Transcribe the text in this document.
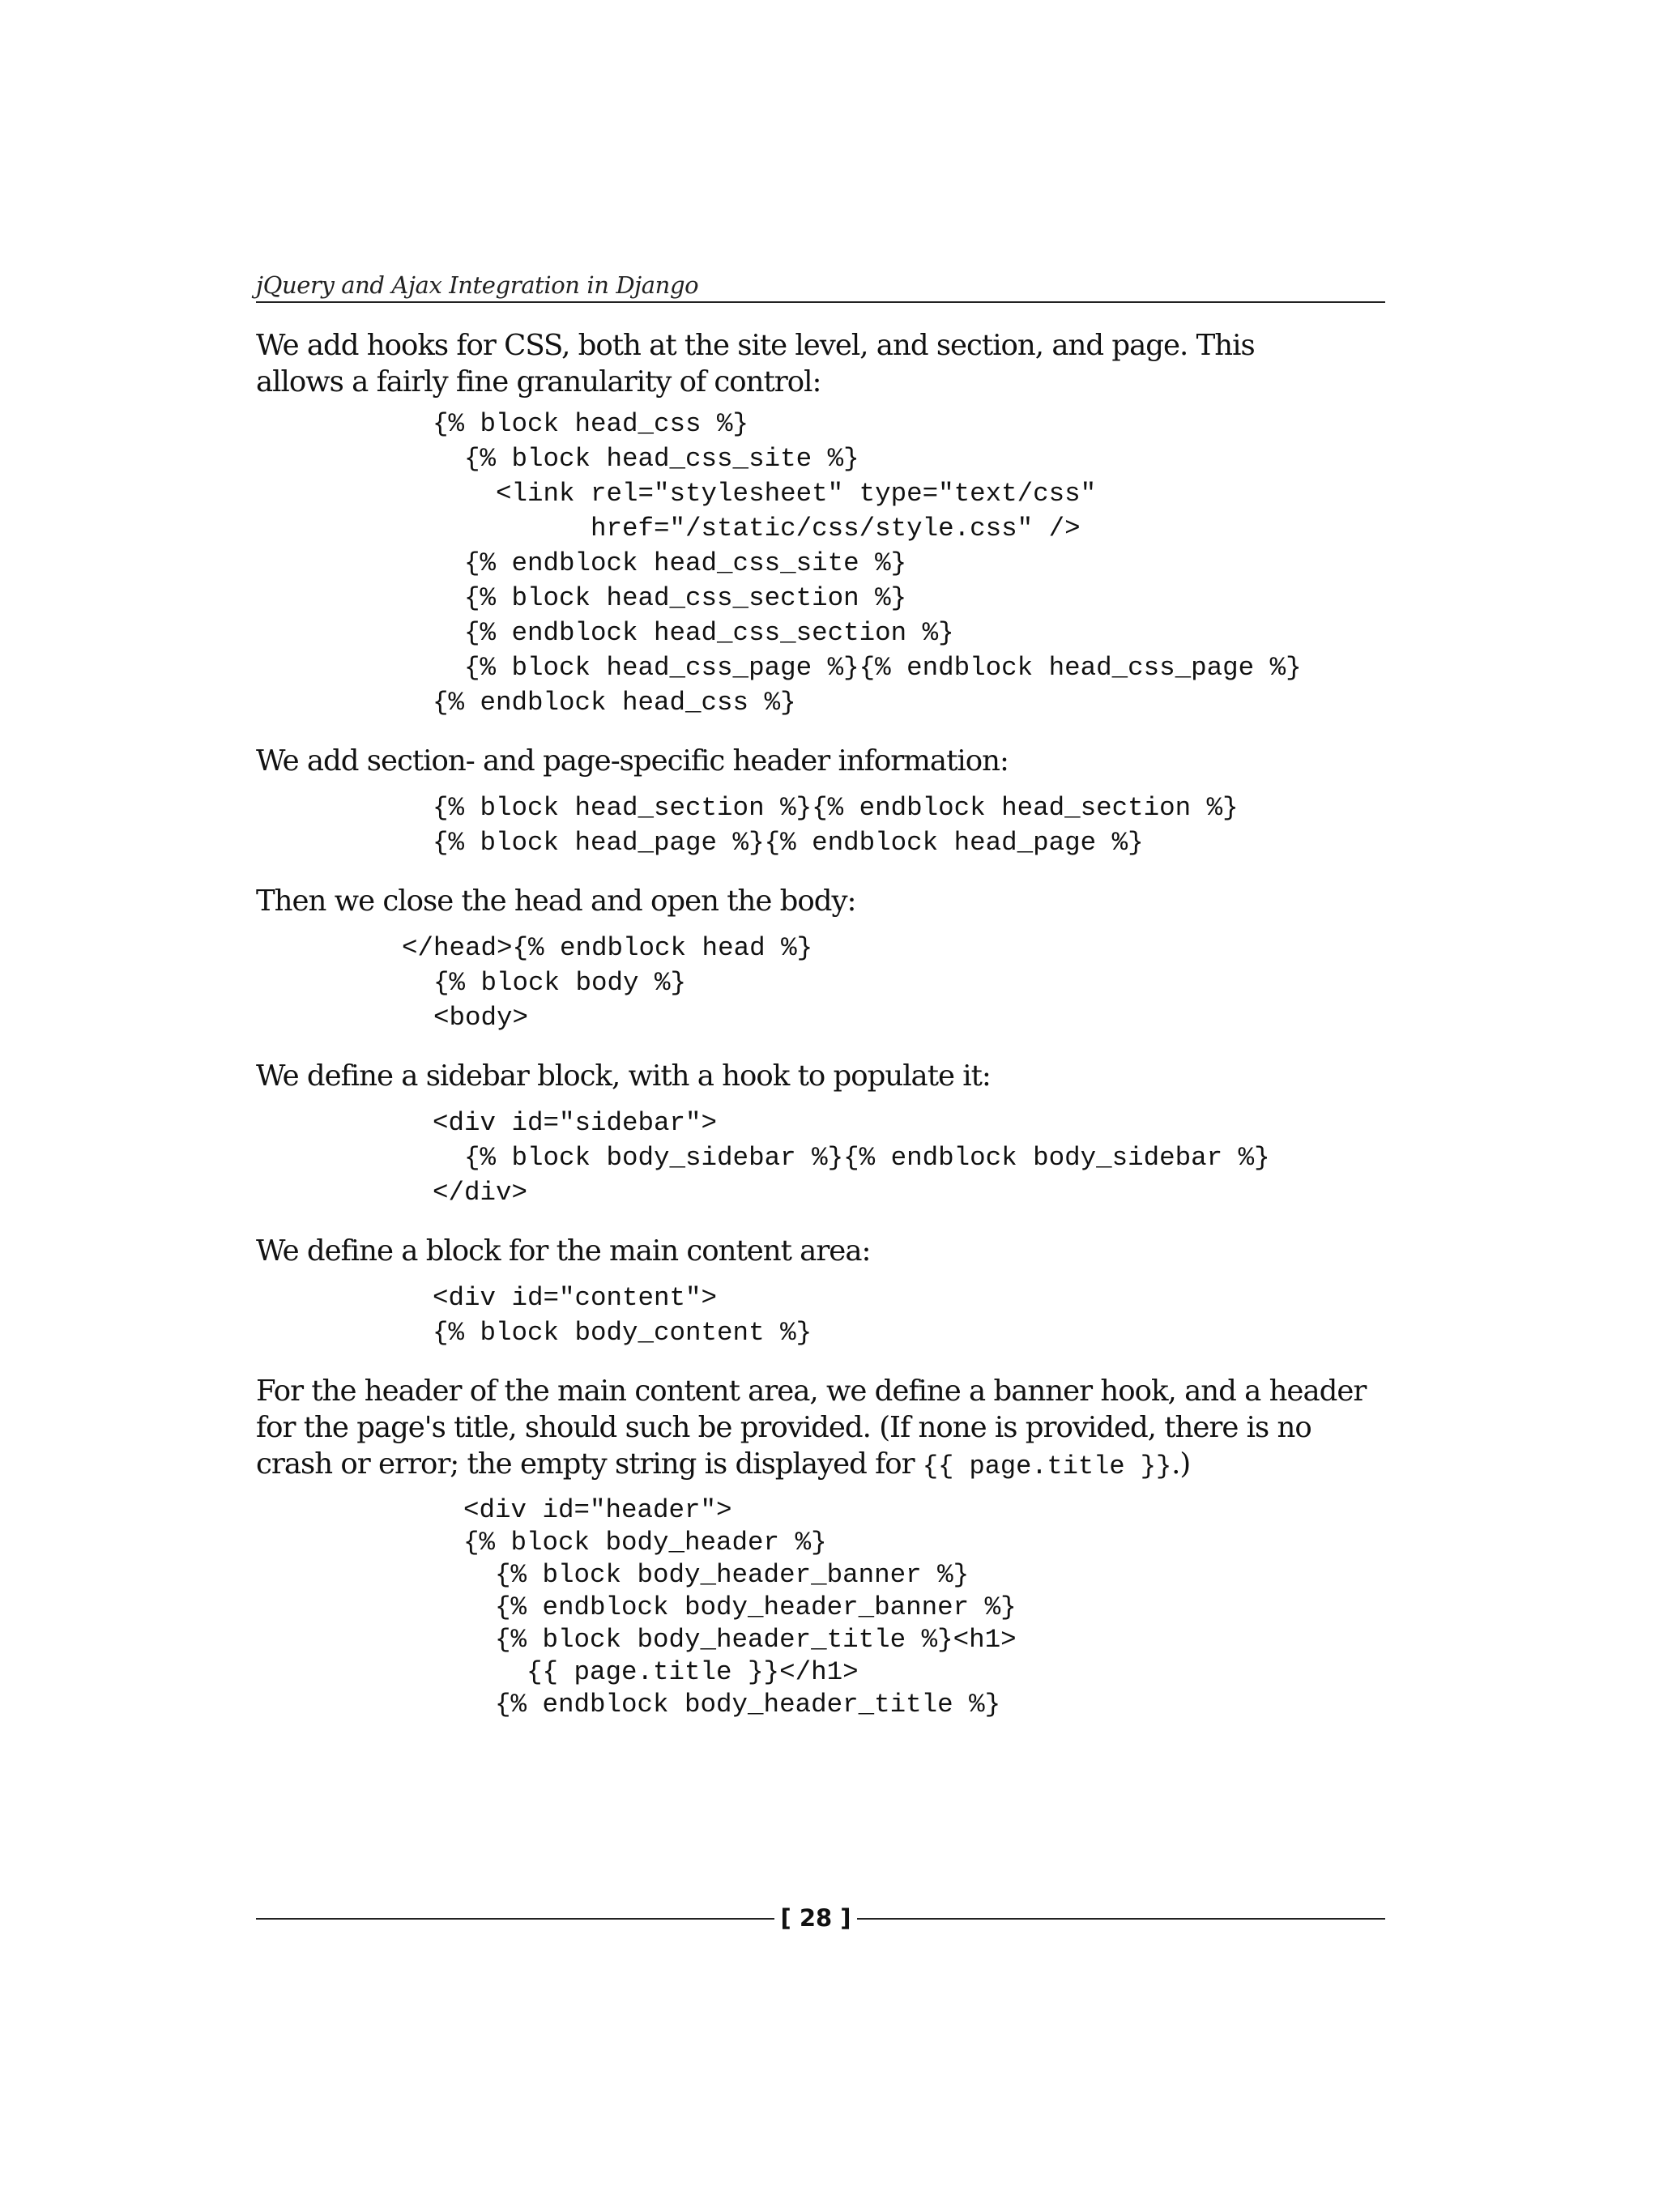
jQuery and Ajax Integration in Django

We add hooks for CSS, both at the site level, and section, and page. This allows a fairly fine granularity of control:

{% block head_css %}
{% block head_css_site %}
<link rel="stylesheet" type="text/css"
href="/static/css/style.css" />
{% endblock head_css_site %}
{% block head_css_section %}
{% endblock head_css_section %}
{% block head_css_page %}{% endblock head_css_page %}
{% endblock head_css %}

We add section- and page-specific header information:

{% block head_section %}{% endblock head_section %}
{% block head_page %}{% endblock head_page %}

Then we close the head and open the body:

</head>{% endblock head %}
{% block body %}
<body>

We define a sidebar block, with a hook to populate it:

<div id="sidebar">
{% block body_sidebar %}{% endblock body_sidebar %}
</div>

We define a block for the main content area:

<div id="content">
{% block body_content %}

For the header of the main content area, we define a banner hook, and a header for the page's title, should such be provided. (If none is provided, there is no crash or error; the empty string is displayed for {{ page.title }}.)

<div id="header">
{% block body_header %}
{% block body_header_banner %}
{% endblock body_header_banner %}
{% block body_header_title %}<h1>
{{ page.title }}</h1>
{% endblock body_header_title %}
[ 28 ]
